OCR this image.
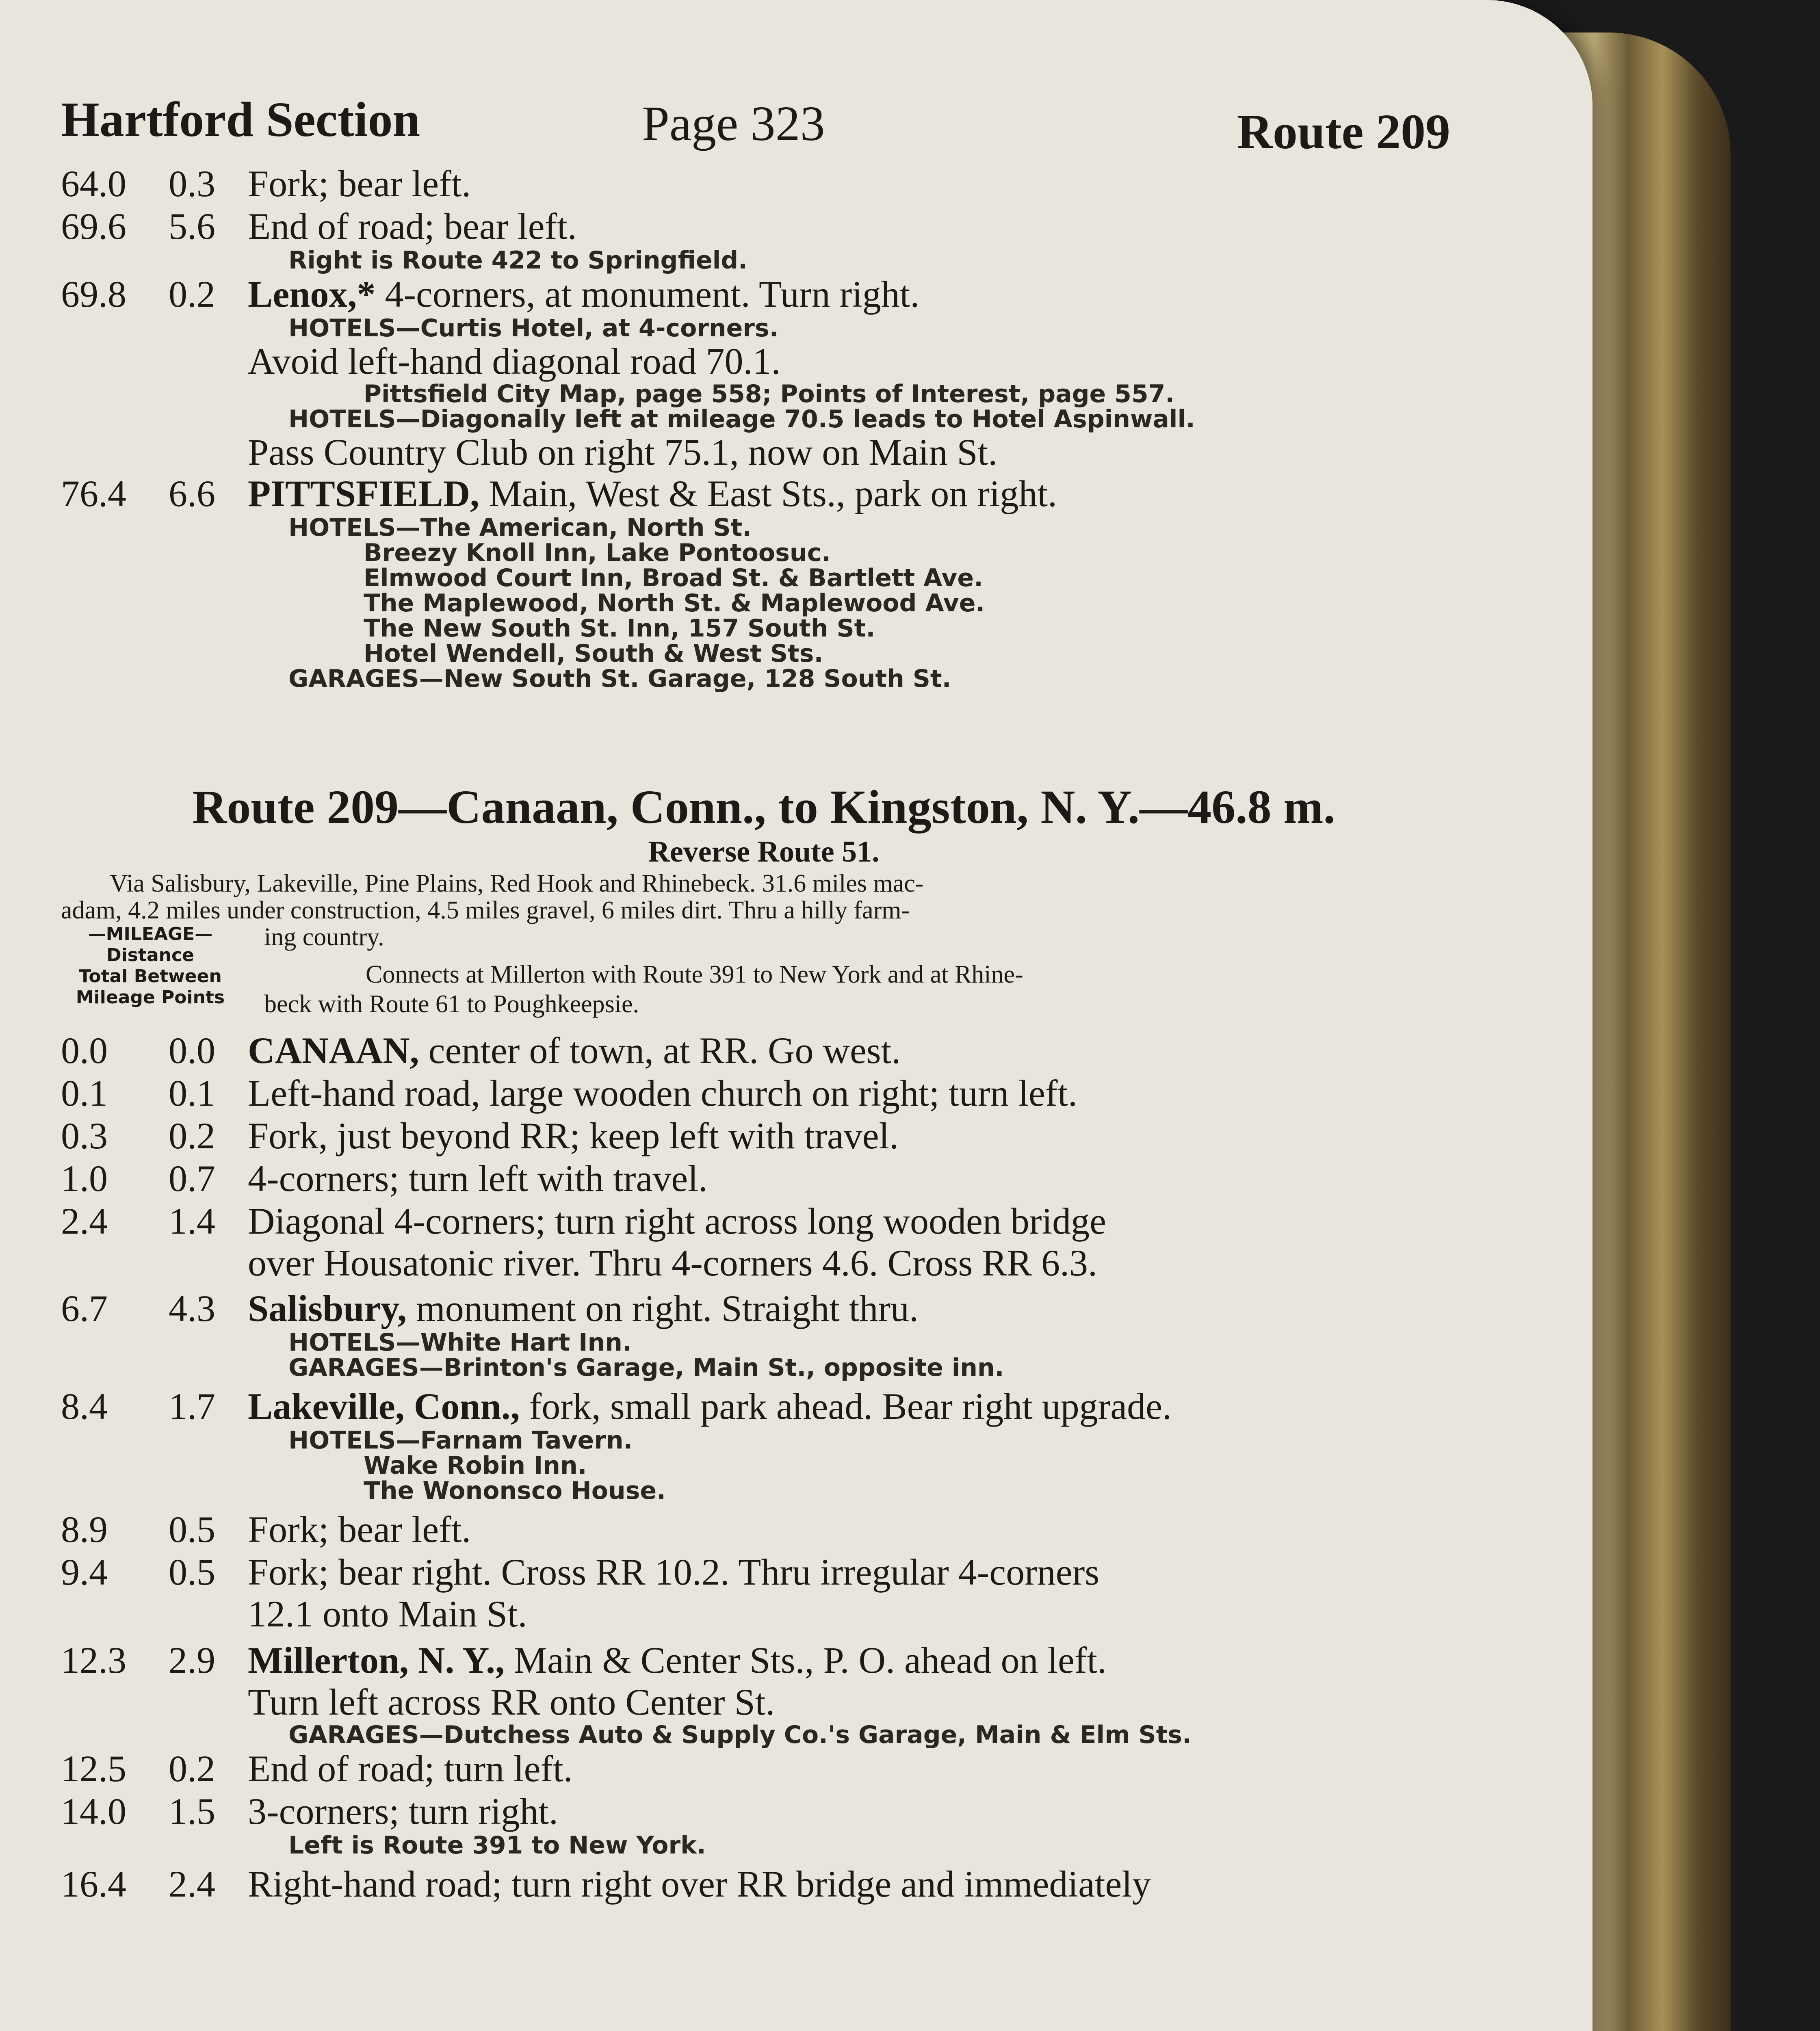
Hartford Section	Page 323	Route 209
64.0	0.3 Fork; bear left.
69.6	5.6 End of road; bear left.
Right is Route 422 to Springfield.
69.8	0.2 Lenox,* 4-corners, at monument. Turn right.
HOTELS—Curtis Hotel, at 4-corners.
Avoid left-hand diagonal road 70.1.
Pittsfield City Map, page 558; Points of Interest, page 557.
HOTELS—Diagonally left at mileage 70.5 leads to Hotel Aspinwall.
Pass Country Club on right 75.1, now on Main St.
76.4	6.6 PITTSFIELD, Main, West & East Sts., park on right.
HOTELS—The American, North St.
Breezy Knoll Inn, Lake Pontoosuc.
Elmwood Court Inn, Broad St. & Bartlett Ave.
The Maplewood, North St. & Maplewood Ave.
The New South St. Inn, 157 South St.
Hotel Wendell, South & West Sts.
GARAGES—New South St. Garage, 128 South St.
Route 209—Canaan, Conn., to Kingston, N. Y.—46.8 m.
Reverse Route 51.
Via Salisbury, Lakeville, Pine Plains, Red Hook and Rhinebeck. 31.6 miles mac-
adam, 4.2 miles under construction, 4.5 miles gravel, 6 miles dirt. Thru a hilly farm-
—MILEAGE—
Distance
Total Between
Mileage Points
ing country.
Connects at Millerton with Route 391 to New York and at Rhine-
beck with Route 61 to Poughkeepsie.
0.0	0.0 CANAAN, center of town, at RR. Go west.
0.1	0.1 Left-hand road, large wooden church on right; turn left.
0.3	0.2 Fork, just beyond RR; keep left with travel.
1.0	0.7 4-corners; turn left with travel.
2.4	1.4 Diagonal 4-corners; turn right across long wooden bridge
over Housatonic river. Thru 4-corners 4.6. Cross RR 6.3.
6.7	4.3 Salisbury, monument on right. Straight thru.
HOTELS—White Hart Inn.
GARAGES—Brinton's Garage, Main St., opposite inn.
8.4	1.7 Lakeville, Conn., fork, small park ahead. Bear right upgrade.
HOTELS—Farnam Tavern.
Wake Robin Inn.
The Wononsco House.
8.9	0.5 Fork; bear left.
9.4	0.5 Fork; bear right. Cross RR 10.2. Thru irregular 4-corners
12.1 onto Main St.
12.3	2.9 Millerton, N. Y., Main & Center Sts., P. O. ahead on left.
Turn left across RR onto Center St.
GARAGES—Dutchess Auto & Supply Co.'s Garage, Main & Elm Sts.
12.5	0.2 End of road; turn left.
14.0	1.5 3-corners; turn right.
Left is Route 391 to New York.
16.4	2.4 Right-hand road; turn right over RR bridge and immediately
